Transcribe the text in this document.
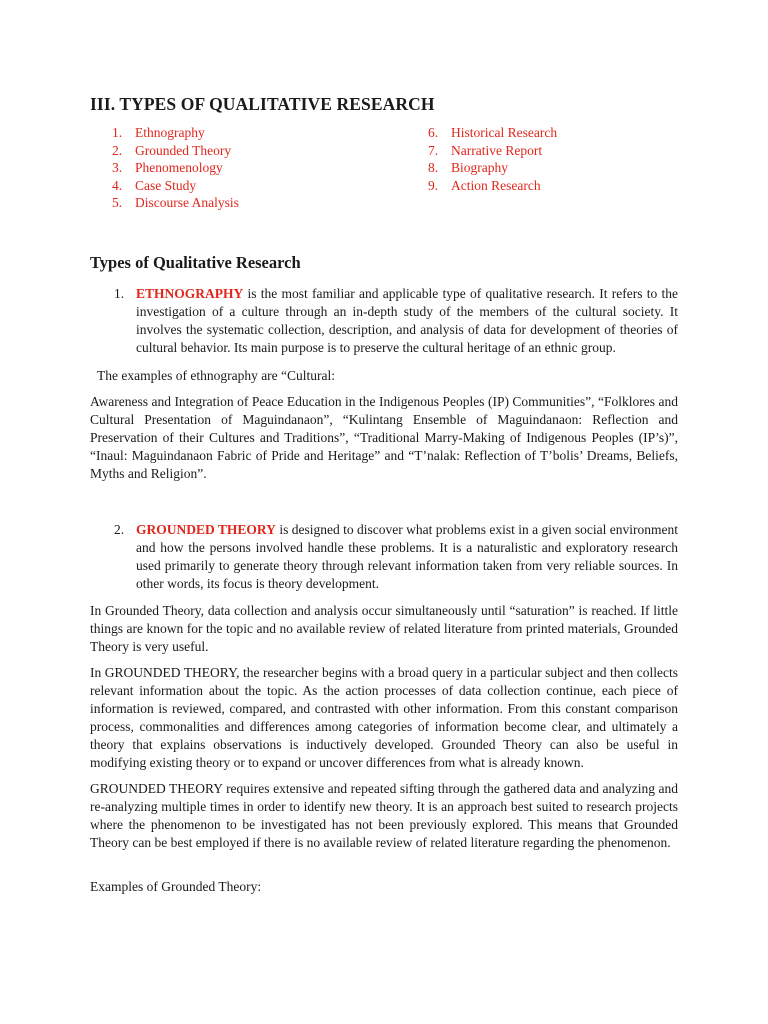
III. TYPES OF QUALITATIVE RESEARCH
1. Ethnography
2. Grounded Theory
3. Phenomenology
4. Case Study
5. Discourse Analysis
6. Historical Research
7. Narrative Report
8. Biography
9. Action Research
Types of Qualitative Research
1. ETHNOGRAPHY is the most familiar and applicable type of qualitative research. It refers to the investigation of a culture through an in-depth study of the members of the cultural society. It involves the systematic collection, description, and analysis of data for development of theories of cultural behavior. Its main purpose is to preserve the cultural heritage of an ethnic group.

The examples of ethnography are “Cultural:

Awareness and Integration of Peace Education in the Indigenous Peoples (IP) Communities”, “Folklores and Cultural Presentation of Maguindanaon”, “Kulintang Ensemble of Maguindanaon: Reflection and Preservation of their Cultures and Traditions”, “Traditional Marry-Making of Indigenous Peoples (IP’s)”, “Inaul: Maguindanaon Fabric of Pride and Heritage” and “T’nalak: Reflection of T’bolis’ Dreams, Beliefs, Myths and Religion”.

2. GROUNDED THEORY is designed to discover what problems exist in a given social environment and how the persons involved handle these problems. It is a naturalistic and exploratory research used primarily to generate theory through relevant information taken from very reliable sources. In other words, its focus is theory development.

In Grounded Theory, data collection and analysis occur simultaneously until “saturation” is reached. If little things are known for the topic and no available review of related literature from printed materials, Grounded Theory is very useful.

In GROUNDED THEORY, the researcher begins with a broad query in a particular subject and then collects relevant information about the topic. As the action processes of data collection continue, each piece of information is reviewed, compared, and contrasted with other information. From this constant comparison process, commonalities and differences among categories of information become clear, and ultimately a theory that explains observations is inductively developed. Grounded Theory can also be useful in modifying existing theory or to expand or uncover differences from what is already known.

GROUNDED THEORY requires extensive and repeated sifting through the gathered data and analyzing and re-analyzing multiple times in order to identify new theory. It is an approach best suited to research projects where the phenomenon to be investigated has not been previously explored. This means that Grounded Theory can be best employed if there is no available review of related literature regarding the phenomenon.

Examples of Grounded Theory:
